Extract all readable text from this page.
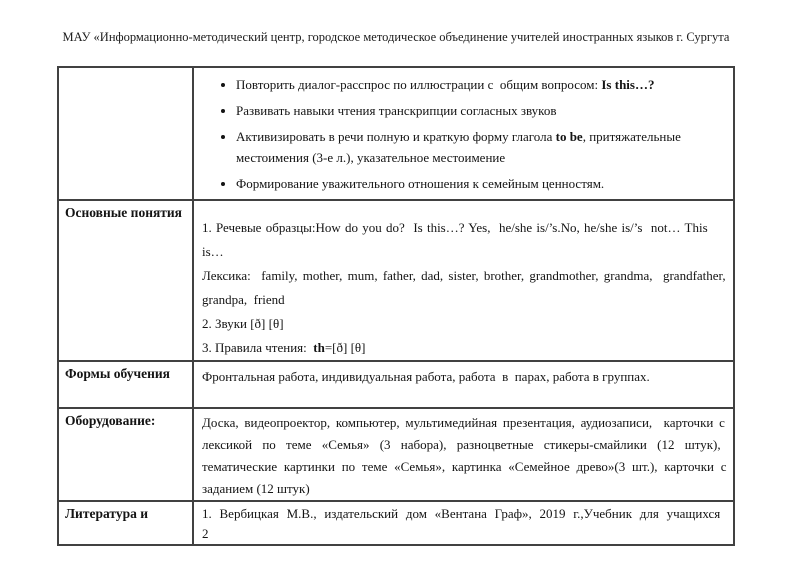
МАУ «Информационно-методический центр, городское методическое объединение учителей иностранных языков г. Сургута

• Повторить диалог-расспрос по иллюстрации с  общим вопросом: Is this…?
• Развивать навыки чтения транскрипции согласных звуков
• Активизировать в речи полную и краткую форму глагола to be, притяжательные
местоимения (3-е л.), указательное местоимение
• Формирование уважительного отношения к семейным ценностям.

Основные понятия	1. Речевые образцы:How do you do?  Is this…? Yes,  he/she is/’s.No, he/she is/’s  not… This is…
Лексика:  family, mother, mum, father, dad, sister, brother, grandmother, grandma,  grandfather,
grandpa,  friend
2. Звуки [ð] [θ]
3. Правила чтения:  th=[ð] [θ]

Формы обучения	Фронтальная работа, индивидуальная работа, работа  в  парах, работа в группах.

Оборудование:	Доска, видеопроектор, компьютер, мультимедийная презентация, аудиозаписи,  карточки с
лексикой по теме «Семья» (3 набора), разноцветные стикеры-смайлики (12 штук),
тематические картинки по теме «Семья», картинка «Семейное древо»(3 шт.), карточки с
заданием (12 штук)

Литература и	1. Вербицкая М.В., издательский дом «Вентана Граф», 2019 г.,Учебник для учащихся 2
